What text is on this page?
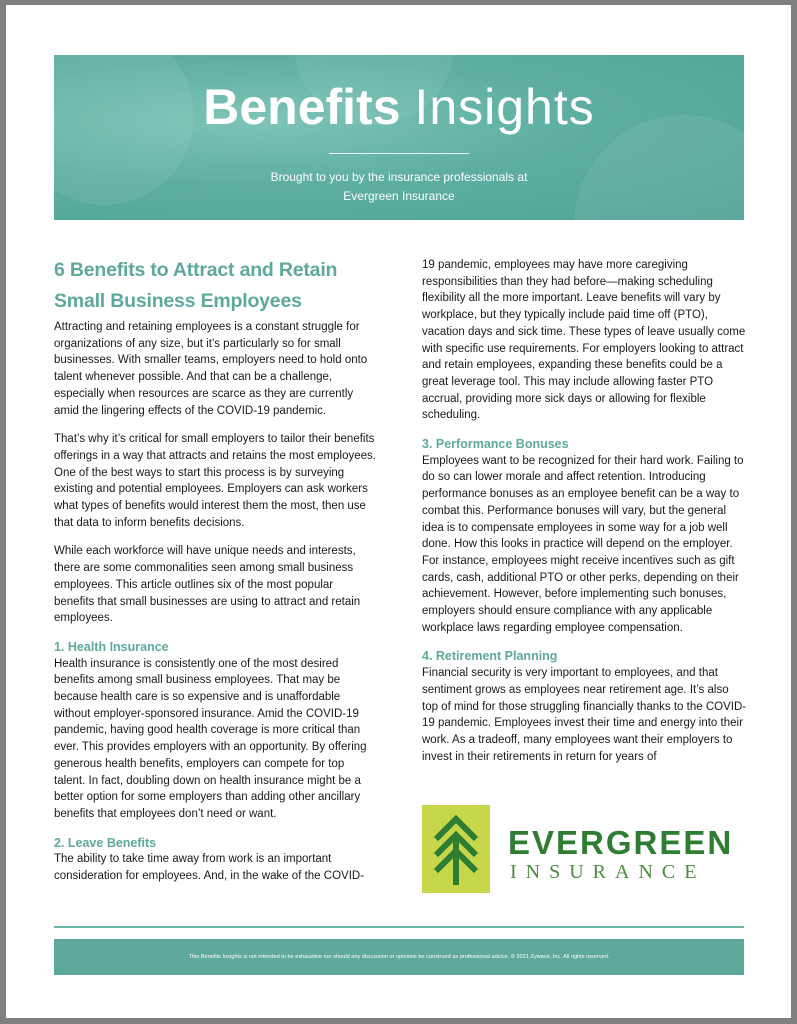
Benefits Insights
Brought to you by the insurance professionals at
Evergreen Insurance
6 Benefits to Attract and Retain
Small Business Employees

Attracting and retaining employees is a constant struggle for organizations of any size, but it’s particularly so for small businesses. With smaller teams, employers need to hold onto talent whenever possible. And that can be a challenge, especially when resources are scarce as they are currently amid the lingering effects of the COVID-19 pandemic.

That’s why it’s critical for small employers to tailor their benefits offerings in a way that attracts and retains the most employees. One of the best ways to start this process is by surveying existing and potential employees. Employers can ask workers what types of benefits would interest them the most, then use that data to inform benefits decisions.

While each workforce will have unique needs and interests, there are some commonalities seen among small business employees. This article outlines six of the most popular benefits that small businesses are using to attract and retain employees.

1. Health Insurance

Health insurance is consistently one of the most desired benefits among small business employees. That may be because health care is so expensive and is unaffordable without employer-sponsored insurance. Amid the COVID-19 pandemic, having good health coverage is more critical than ever. This provides employers with an opportunity. By offering generous health benefits, employers can compete for top talent. In fact, doubling down on health insurance might be a better option for some employers than adding other ancillary benefits that employees don’t need or want.

2. Leave Benefits

The ability to take time away from work is an important consideration for employees. And, in the wake of the COVID-

19 pandemic, employees may have more caregiving responsibilities than they had before—making scheduling flexibility all the more important. Leave benefits will vary by workplace, but they typically include paid time off (PTO), vacation days and sick time. These types of leave usually come with specific use requirements. For employers looking to attract and retain employees, expanding these benefits could be a great leverage tool. This may include allowing faster PTO accrual, providing more sick days or allowing for flexible scheduling.

3. Performance Bonuses

Employees want to be recognized for their hard work. Failing to do so can lower morale and affect retention. Introducing performance bonuses as an employee benefit can be a way to combat this. Performance bonuses will vary, but the general idea is to compensate employees in some way for a job well done. How this looks in practice will depend on the employer. For instance, employees might receive incentives such as gift cards, cash, additional PTO or other perks, depending on their achievement. However, before implementing such bonuses, employers should ensure compliance with any applicable workplace laws regarding employee compensation.

4. Retirement Planning

Financial security is very important to employees, and that sentiment grows as employees near retirement age. It’s also top of mind for those struggling financially thanks to the COVID-19 pandemic. Employees invest their time and energy into their work. As a tradeoff, many employees want their employers to invest in their retirements in return for years of

EVERGREEN
INSURANCE
This Benefits Insights is not intended to be exhaustive nor should any discussion or opinions be construed as professional advice. © 2021 Zywave, Inc. All rights reserved.
